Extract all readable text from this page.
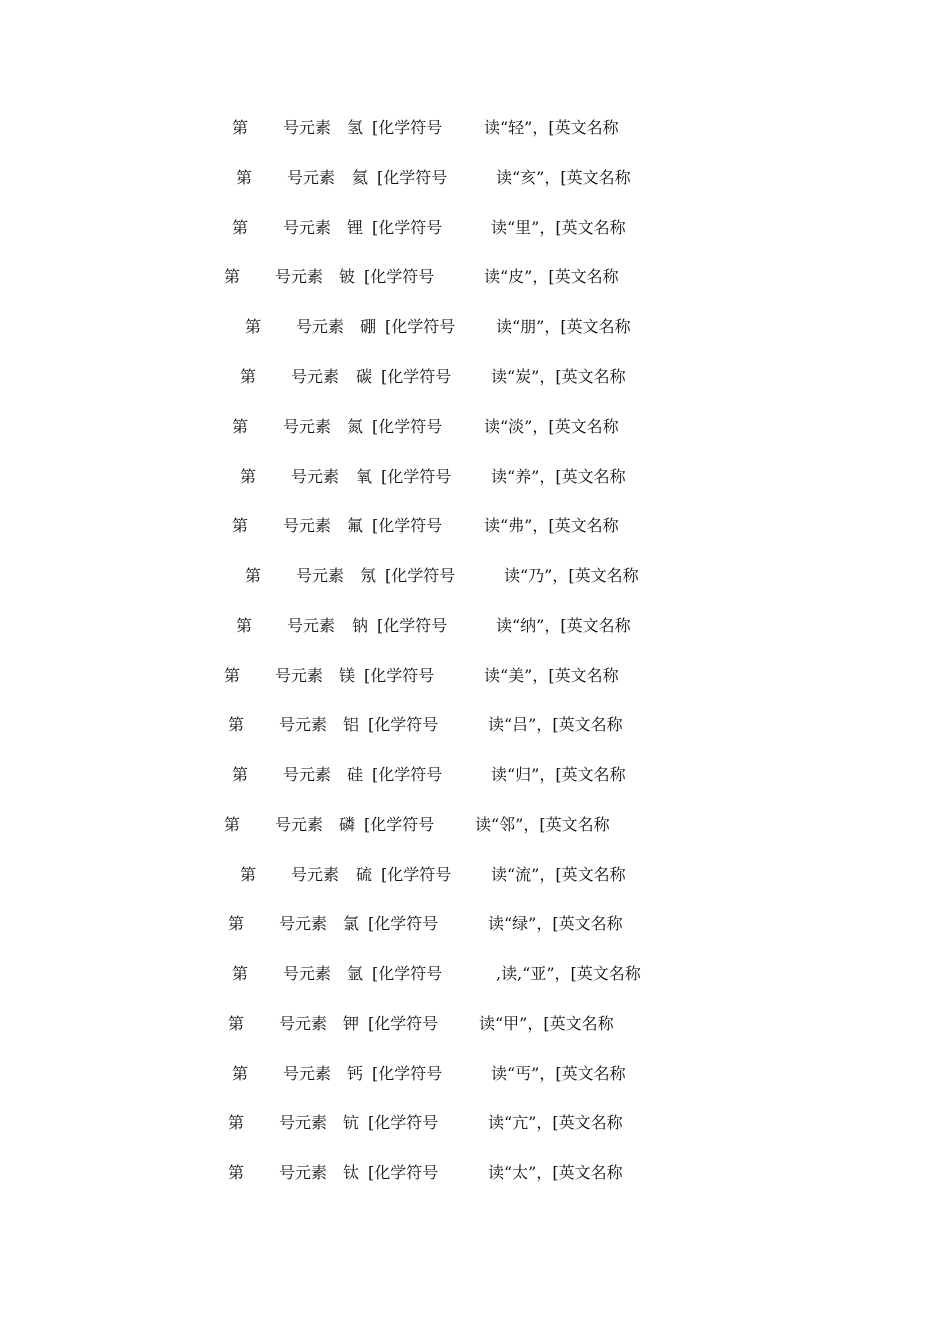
第 号元素 氢 [化学符号	读“轻”，[英文名称
第 号元素 氦 [化学符号	读“亥”，[英文名称
第 号元素 锂 [化学符号	读“里”，[英文名称
第 号元素 铍 [化学符号	读“皮”，[英文名称
第 号元素 硼 [化学符号	读“朋”，[英文名称
第 号元素 碳 [化学符号 读“炭”，[英文名称
第 号元素 氮 [化学符号	读“淡”，[英文名称
第 号元素 氧 [化学符号 读“养”，[英文名称
第 号元素 氟 [化学符号	读“弗”，[英文名称
第 号元素 氖 [化学符号	读“乃”，[英文名称
第 号元素 钠 [化学符号	读“纳”，[英文名称
第 号元素 镁 [化学符号	读“美”，[英文名称
第 号元素 铝 [化学符号	读“吕”，[英文名称
第 号元素 硅 [化学符号	读“归”，[英文名称
第 号元素 磷 [化学符号	读“邻”，[英文名称
第 号元素 硫 [化学符号 读“流”，[英文名称
第 号元素 氯 [化学符号	读“绿”，[英文名称
第 号元素 氩 [化学符号	,读,“亚”，[英文名称
第 号元素 钾 [化学符号	读“甲”，[英文名称
第 号元素 钙 [化学符号	读“丐”，[英文名称
第 号元素 钪 [化学符号	读“亢”，[英文名称
第 号元素 钛 [化学符号	读“太”，[英文名称
